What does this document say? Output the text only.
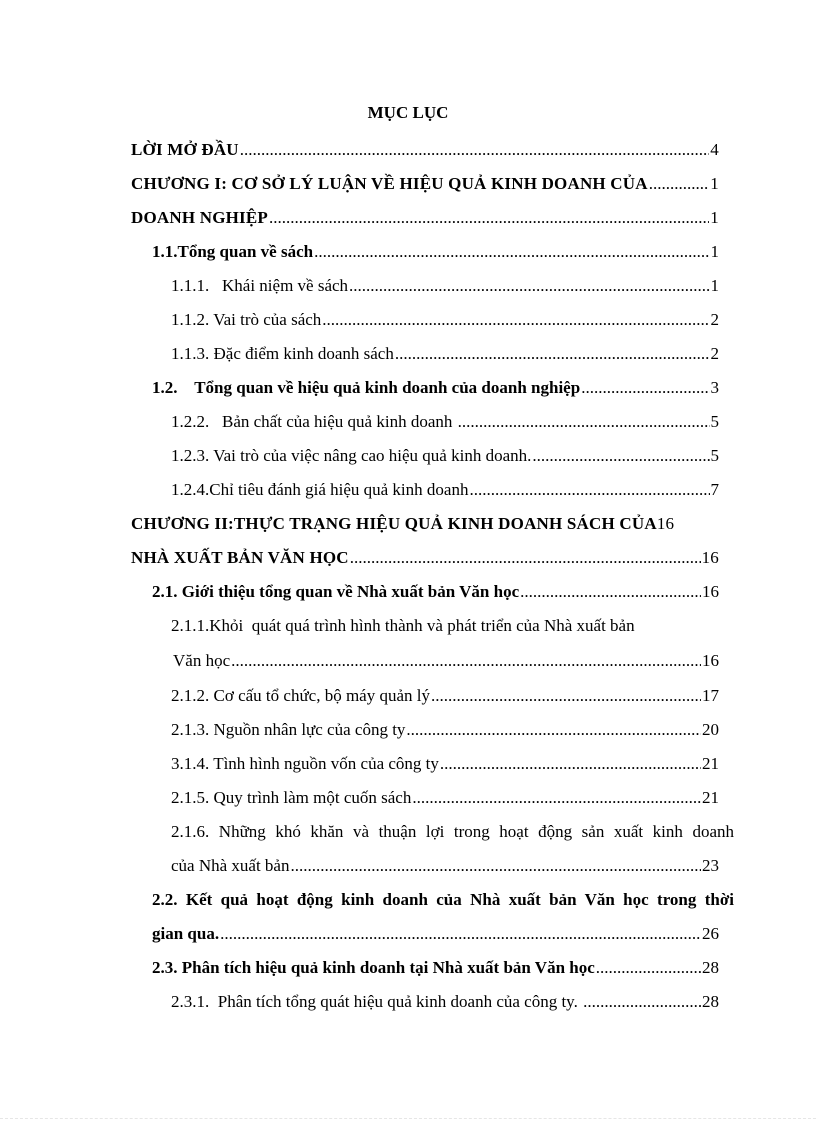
MỤC LỤC
LỜI MỞ ĐẦU .....	4
CHƯƠNG I: CƠ SỞ LÝ LUẬN VỀ HIỆU QUẢ KINH DOANH CỦA .....	1
DOANH NGHIỆP .....	1
1.1.Tổng quan về sách .....	1
1.1.1.   Khái niệm về sách .....	1
1.1.2. Vai trò của sách .....	2
1.1.3. Đặc điểm kinh doanh sách .....	2
1.2.    Tổng quan về hiệu quả kinh doanh của doanh nghiệp .....	3
1.2.2.   Bản chất của hiệu quả kinh doanh .....	5
1.2.3. Vai trò của việc nâng cao hiệu quả kinh doanh. .....	5
1.2.4.Chỉ tiêu đánh giá hiệu quả kinh doanh .....	7
CHƯƠNG II:THỰC TRẠNG HIỆU QUẢ KINH DOANH SÁCH CỦA 16
NHÀ XUẤT BẢN VĂN HỌC .....	16
2.1. Giới thiệu tổng quan về Nhà xuất bản Văn học .....	16
2.1.1.Khỏi  quát quá trình hình thành và phát triển của Nhà xuất bản
Văn học .....	16
2.1.2. Cơ cấu tổ chức, bộ máy quản lý .....	17
2.1.3. Nguồn nhân lực của công ty .....	20
3.1.4. Tình hình nguồn vốn của công ty .....	21
2.1.5. Quy trình làm một cuốn sách .....	21
2.1.6. Những khó khăn và thuận lợi trong hoạt động sản xuất kinh doanh
của Nhà xuất bản .....	23
2.2. Kết quả hoạt động kinh doanh của Nhà xuất bản Văn học trong thời
gian qua. .....	26
2.3. Phân tích hiệu quả kinh doanh tại Nhà xuất bản Văn học .....	28
2.3.1.  Phân tích tổng quát hiệu quả kinh doanh của công ty. .....	28
